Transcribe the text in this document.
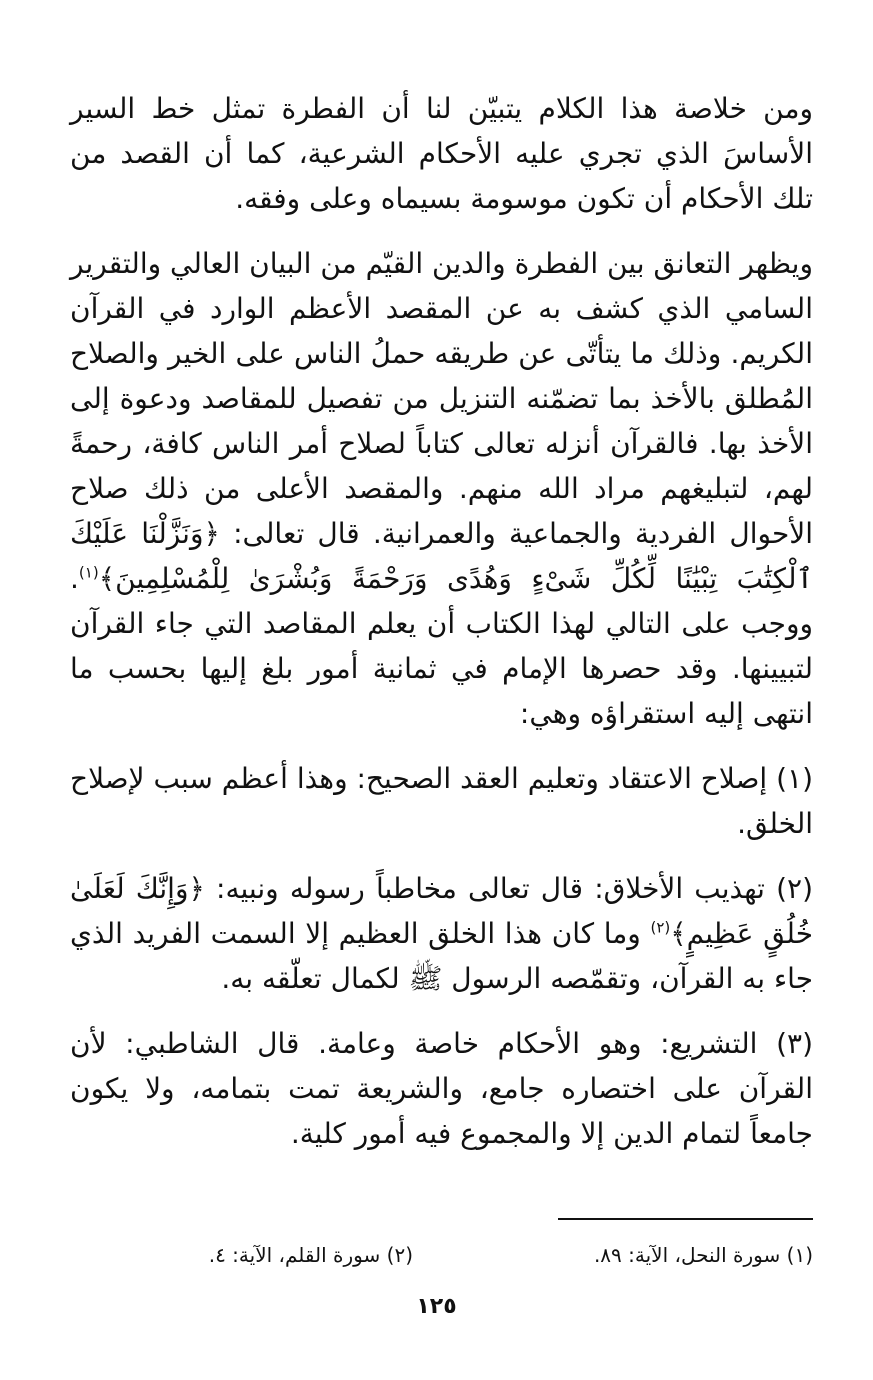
ومن خلاصة هذا الكلام يتبيّن لنا أن الفطرة تمثل خط السير الأساسَ الذي تجري عليه الأحكام الشرعية، كما أن القصد من تلك الأحكام أن تكون موسومة بسيماه وعلى وفقه.

ويظهر التعانق بين الفطرة والدين القيّم من البيان العالي والتقرير السامي الذي كشف به عن المقصد الأعظم الوارد في القرآن الكريم. وذلك ما يتأتّى عن طريقه حملُ الناس على الخير والصلاح المُطلق بالأخذ بما تضمّنه التنزيل من تفصيل للمقاصد ودعوة إلى الأخذ بها. فالقرآن أنزله تعالى كتاباً لصلاح أمر الناس كافة، رحمةً لهم، لتبليغهم مراد الله منهم. والمقصد الأعلى من ذلك صلاح الأحوال الفردية والجماعية والعمرانية. قال تعالى: ﴿وَنَزَّلْنَا عَلَيْكَ ٱلْكِتَٰبَ تِبْيَٰنًا لِّكُلِّ شَىْءٍ وَهُدًى وَرَحْمَةً وَبُشْرَىٰ لِلْمُسْلِمِينَ﴾$^{(١)}$. ووجب على التالي لهذا الكتاب أن يعلم المقاصد التي جاء القرآن لتبيينها. وقد حصرها الإمام في ثمانية أمور بلغ إليها بحسب ما انتهى إليه استقراؤه وهي:

(١) إصلاح الاعتقاد وتعليم العقد الصحيح: وهذا أعظم سبب لإصلاح الخلق.

(٢) تهذيب الأخلاق: قال تعالى مخاطباً رسوله ونبيه: ﴿وَإِنَّكَ لَعَلَىٰ خُلُقٍ عَظِيمٍ﴾$^{(٢)}$ وما كان هذا الخلق العظيم إلا السمت الفريد الذي جاء به القرآن، وتقمّصه الرسول ﷺ لكمال تعلّقه به.

(٣) التشريع: وهو الأحكام خاصة وعامة. قال الشاطبي: لأن القرآن على اختصاره جامع، والشريعة تمت بتمامه، ولا يكون جامعاً لتمام الدين إلا والمجموع فيه أمور كلية.

(١) سورة النحل، الآية: ٨٩.
(٢) سورة القلم، الآية: ٤.
١٢٥
